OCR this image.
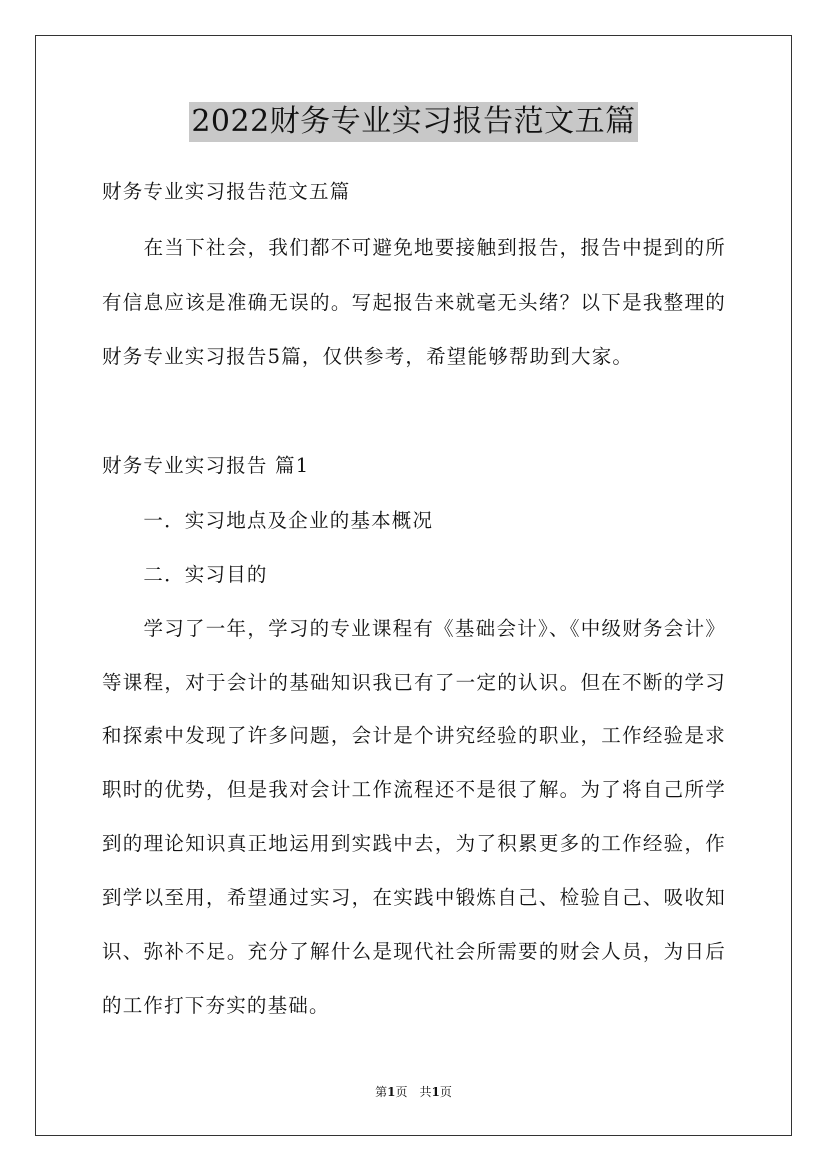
2022财务专业实习报告范文五篇
财务专业实习报告范文五篇
　　在当下社会，我们都不可避免地要接触到报告，报告中提到的所
有信息应该是准确无误的。写起报告来就毫无头绪？以下是我整理的
财务专业实习报告5篇，仅供参考，希望能够帮助到大家。
财务专业实习报告 篇1
　　一．实习地点及企业的基本概况
　　二．实习目的
　　学习了一年，学习的专业课程有《基础会计》、《中级财务会计》
等课程，对于会计的基础知识我已有了一定的认识。但在不断的学习
和探索中发现了许多问题，会计是个讲究经验的职业，工作经验是求
职时的优势，但是我对会计工作流程还不是很了解。为了将自己所学
到的理论知识真正地运用到实践中去，为了积累更多的工作经验，作
到学以至用，希望通过实习，在实践中锻炼自己、检验自己、吸收知
识、弥补不足。充分了解什么是现代社会所需要的财会人员，为日后
的工作打下夯实的基础。
第1页　共1页
